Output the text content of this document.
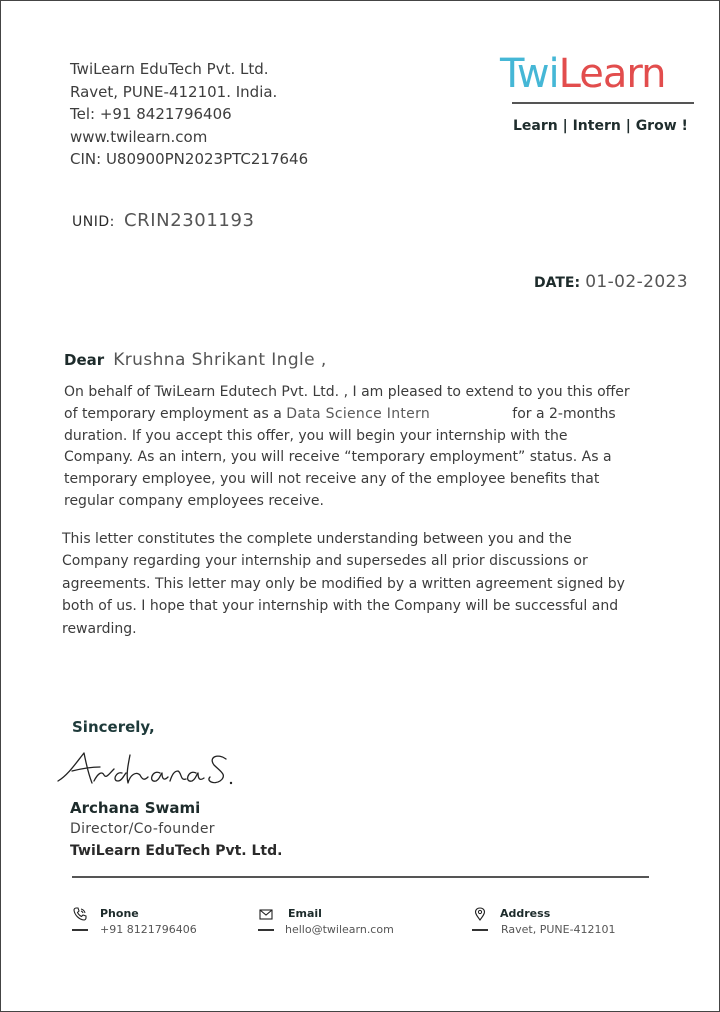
TwiLearn EduTech Pvt. Ltd.
Ravet, PUNE-412101. India.
Tel: +91 8421796406
www.twilearn.com
CIN: U80900PN2023PTC217646
TwiLearn
Learn | Intern | Grow !
UNID: CRIN2301193
DATE: 01-02-2023
Dear Krushna Shrikant Ingle ,
On behalf of TwiLearn Edutech Pvt. Ltd. , I am pleased to extend to you this offer
of temporary employment as a Data Science Intern	for a 2-months
duration. If you accept this offer, you will begin your internship with the
Company. As an intern, you will receive “temporary employment” status. As a
temporary employee, you will not receive any of the employee benefits that
regular company employees receive.
This letter constitutes the complete understanding between you and the
Company regarding your internship and supersedes all prior discussions or
agreements. This letter may only be modified by a written agreement signed by
both of us. I hope that your internship with the Company will be successful and
rewarding.
Sincerely,
Archana Swami
Director/Co-founder
TwiLearn EduTech Pvt. Ltd.
Phone
+91 8121796406
Email
hello@twilearn.com
Address
Ravet, PUNE-412101
